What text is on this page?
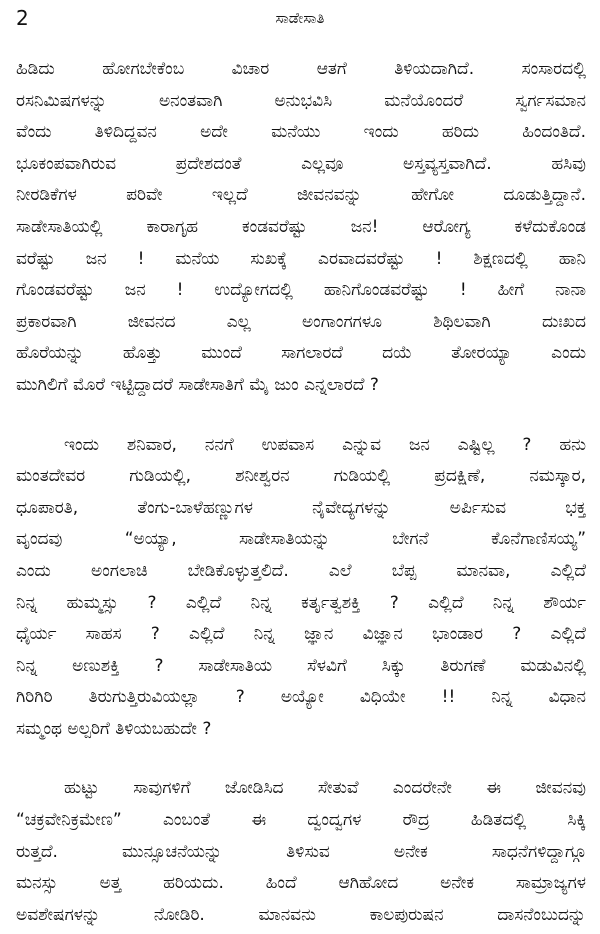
2	ಸಾಡೇಸಾತಿ
ಹಿಡಿದು ಹೋಗಬೇಕೆಂಬ ವಿಚಾರ ಆತಗೆ ತಿಳಿಯದಾಗಿದೆ. ಸಂಸಾರದಲ್ಲಿ
ರಸನಿಮಿಷಗಳನ್ನು ಅನಂತವಾಗಿ ಅನುಭವಿಸಿ ಮನೆಯೊಂದರೆ ಸ್ವರ್ಗಸಮಾನ
ವೆಂದು ತಿಳಿದಿದ್ದವನ ಅದೇ ಮನೆಯು ಇಂದು ಹರಿದು ಹಿಂದಂತಿದೆ.
ಭೂಕಂಪವಾಗಿರುವ ಪ್ರದೇಶದಂತೆ ಎಲ್ಲವೂ ಅಸ್ತವ್ಯಸ್ತವಾಗಿದೆ. ಹಸಿವು
ನೀರಡಿಕೆಗಳ ಪರಿವೇ ಇಲ್ಲದೆ ಜೀವನವನ್ನು ಹೇಗೋ ದೂಡುತ್ತಿದ್ದಾನೆ.
ಸಾಡೇಸಾತಿಯಲ್ಲಿ ಕಾರಾಗೃಹ ಕಂಡವರೆಷ್ಟು ಜನ! ಆರೋಗ್ಯ ಕಳೆದುಕೊಂಡ
ವರೆಷ್ಟು ಜನ ! ಮನೆಯ ಸುಖಕ್ಕೆ ಎರವಾದವರೆಷ್ಟು ! ಶಿಕ್ಷಣದಲ್ಲಿ ಹಾನಿ
ಗೊಂಡವರೆಷ್ಟು ಜನ ! ಉದ್ಯೋಗದಲ್ಲಿ ಹಾನಿಗೊಂಡವರೆಷ್ಟು ! ಹೀಗೆ ನಾನಾ
ಪ್ರಕಾರವಾಗಿ ಜೀವನದ ಎಲ್ಲ ಅಂಗಾಂಗಗಳೂ ಶಿಥಿಲವಾಗಿ ದುಃಖದ
ಹೊರೆಯನ್ನು ಹೊತ್ತು ಮುಂದೆ ಸಾಗಲಾರದೆ ದಯೆ ತೋರಯ್ಯಾ ಎಂದು
ಮುಗಿಲಿಗೆ ಮೊರೆ ಇಟ್ಟಿದ್ದಾದರೆ ಸಾಡೇಸಾತಿಗೆ ಮೈ ಜುಂ ಎನ್ನಲಾರದೆ ?
ಇಂದು ಶನಿವಾರ, ನನಗೆ ಉಪವಾಸ ಎನ್ನುವ ಜನ ಎಷ್ಟಿಲ್ಲ ? ಹನು
ಮಂತದೇವರ ಗುಡಿಯಲ್ಲಿ, ಶನೀಶ್ವರನ ಗುಡಿಯಲ್ಲಿ ಪ್ರದಕ್ಷಿಣೆ, ನಮಸ್ಕಾರ,
ಧೂಪಾರತಿ, ತೆಂಗು-ಬಾಳೆಹಣ್ಣುಗಳ ನೈವೇದ್ಯಗಳನ್ನು ಅರ್ಪಿಸುವ ಭಕ್ತ
ವೃಂದವು “ಅಯ್ಯಾ, ಸಾಡೇಸಾತಿಯನ್ನು ಬೇಗನೆ ಕೊನೆಗಾಣಿಸಯ್ಯ”
ಎಂದು ಅಂಗಲಾಚಿ ಬೇಡಿಕೊಳ್ಳುತ್ತಲಿದೆ. ಎಲೆ ಬೆಪ್ಪ ಮಾನವಾ, ಎಲ್ಲಿದೆ
ನಿನ್ನ ಹುಮ್ಮಸ್ಸು ? ಎಲ್ಲಿದೆ ನಿನ್ನ ಕರ್ತೃತ್ವಶಕ್ತಿ ? ಎಲ್ಲಿದೆ ನಿನ್ನ ಶೌರ್ಯ
ಧೈರ್ಯ ಸಾಹಸ ? ಎಲ್ಲಿದೆ ನಿನ್ನ ಜ್ಞಾನ ವಿಜ್ಞಾನ ಭಾಂಡಾರ ? ಎಲ್ಲಿದೆ
ನಿನ್ನ ಅಣುಶಕ್ತಿ ? ಸಾಡೇಸಾತಿಯ ಸೆಳವಿಗೆ ಸಿಕ್ಕು ತಿರುಗಣೆ ಮಡುವಿನಲ್ಲಿ
ಗಿರಿಗಿರಿ ತಿರುಗುತ್ತಿರುವಿಯಲ್ಲಾ ? ಅಯ್ಯೋ ವಿಧಿಯೇ !! ನಿನ್ನ ವಿಧಾನ
ಸಮ್ಮಂಥ ಅಲ್ಪರಿಗೆ ತಿಳಿಯಬಹುದೇ ?
ಹುಟ್ಟು ಸಾವುಗಳಿಗೆ ಜೋಡಿಸಿದ ಸೇತುವೆ ಎಂದರೇನೇ ಈ ಜೀವನವು
“ಚಕ್ರವೇನಿಕ್ರಮೇಣ” ಎಂಬಂತೆ ಈ ದ್ವಂದ್ವಗಳ ರೌದ್ರ ಹಿಡಿತದಲ್ಲಿ ಸಿಕ್ಕಿ
ರುತ್ತದೆ. ಮುನ್ಸೂಚನೆಯನ್ನು ತಿಳಿಸುವ ಅನೇಕ ಸಾಧನೆಗಳಿದ್ದಾಗ್ಗೂ
ಮನಸ್ಸು ಅತ್ತ ಹರಿಯದು. ಹಿಂದೆ ಆಗಿಹೋದ ಅನೇಕ ಸಾಮ್ರಾಜ್ಯಗಳ
ಅವಶೇಷಗಳನ್ನು ನೋಡಿರಿ. ಮಾನವನು ಕಾಲಪುರುಷನ ದಾಸನೆಂಬುದನ್ನು
